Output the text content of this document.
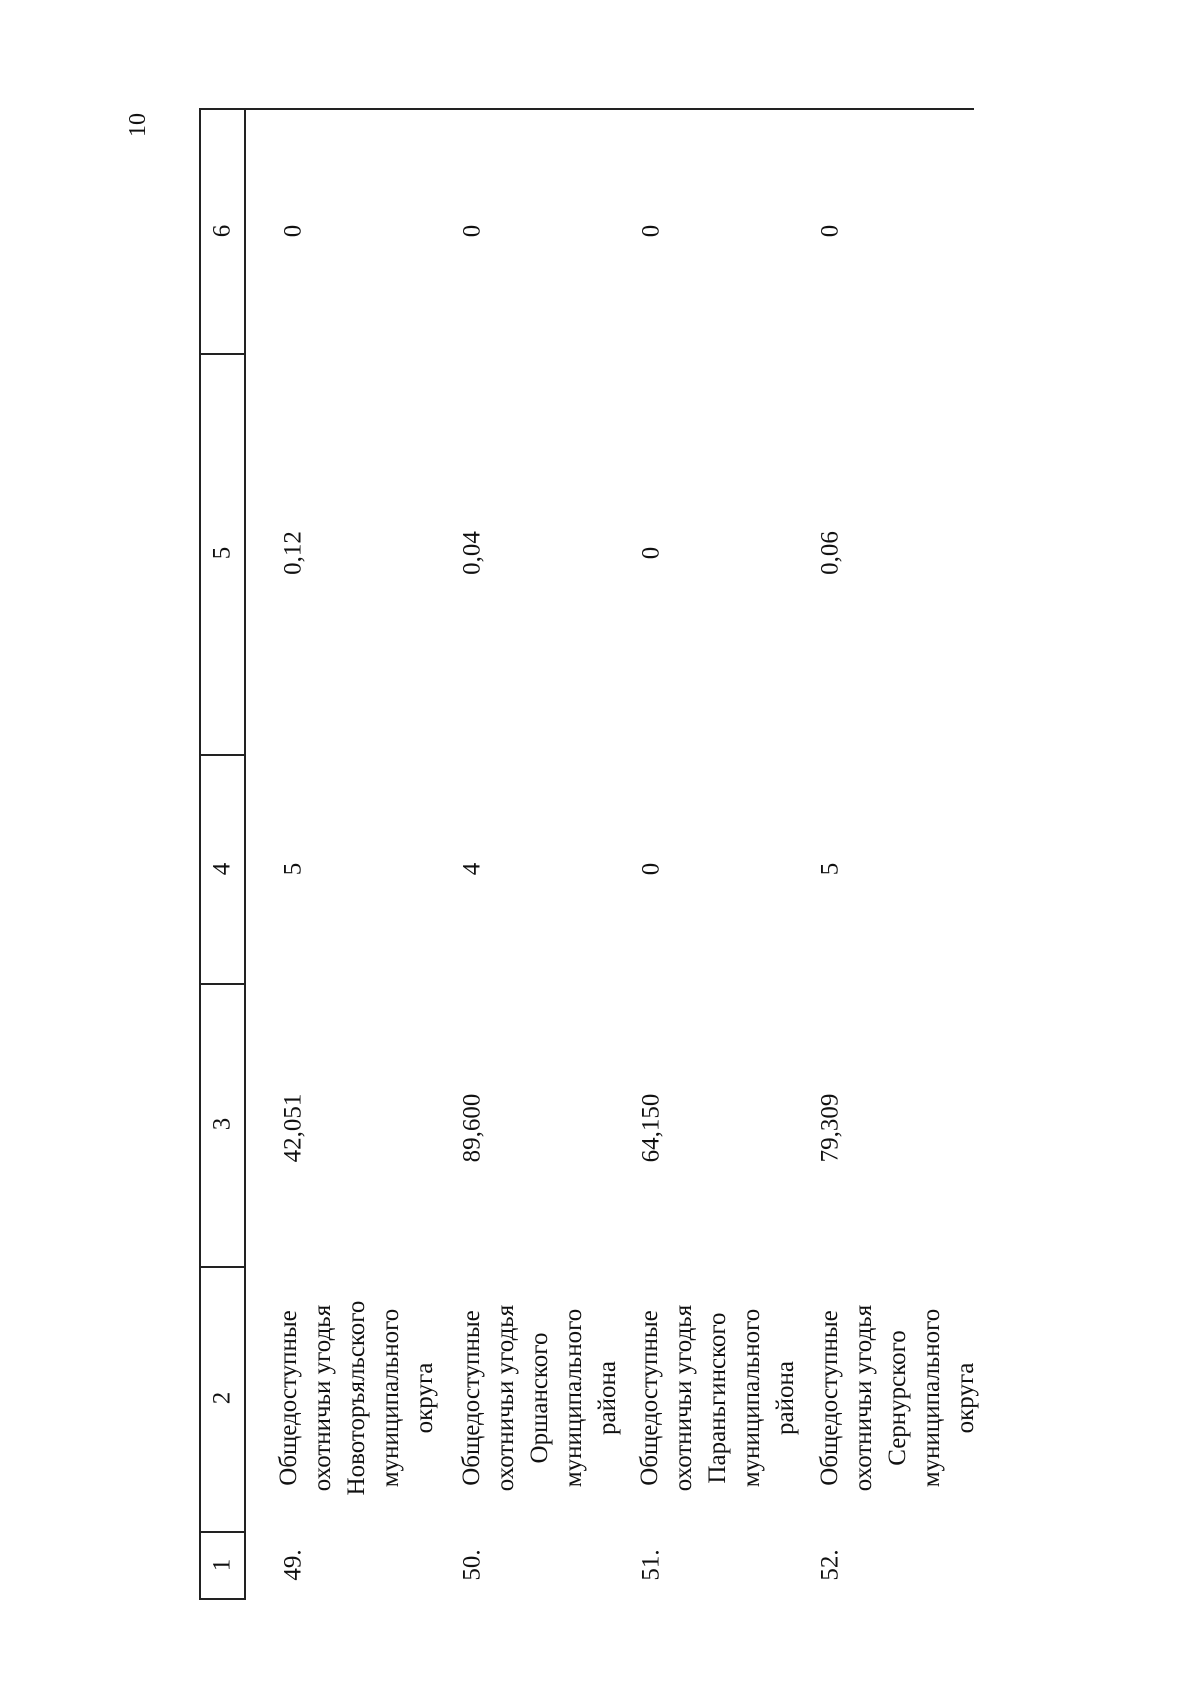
10
1
2
3
4
5
6
49.
Общедоступные охотничьи угодья Новоторъяльского муниципального округа
42,051
5
0,12
0
50.
Общедоступные охотничьи угодья Оршанского муниципального района
89,600
4
0,04
0
51.
Общедоступные охотничьи угодья Параньгинского муниципального района
64,150
0
0
0
52.
Общедоступные охотничьи угодья Сернурского муниципального округа
79,309
5
0,06
0
